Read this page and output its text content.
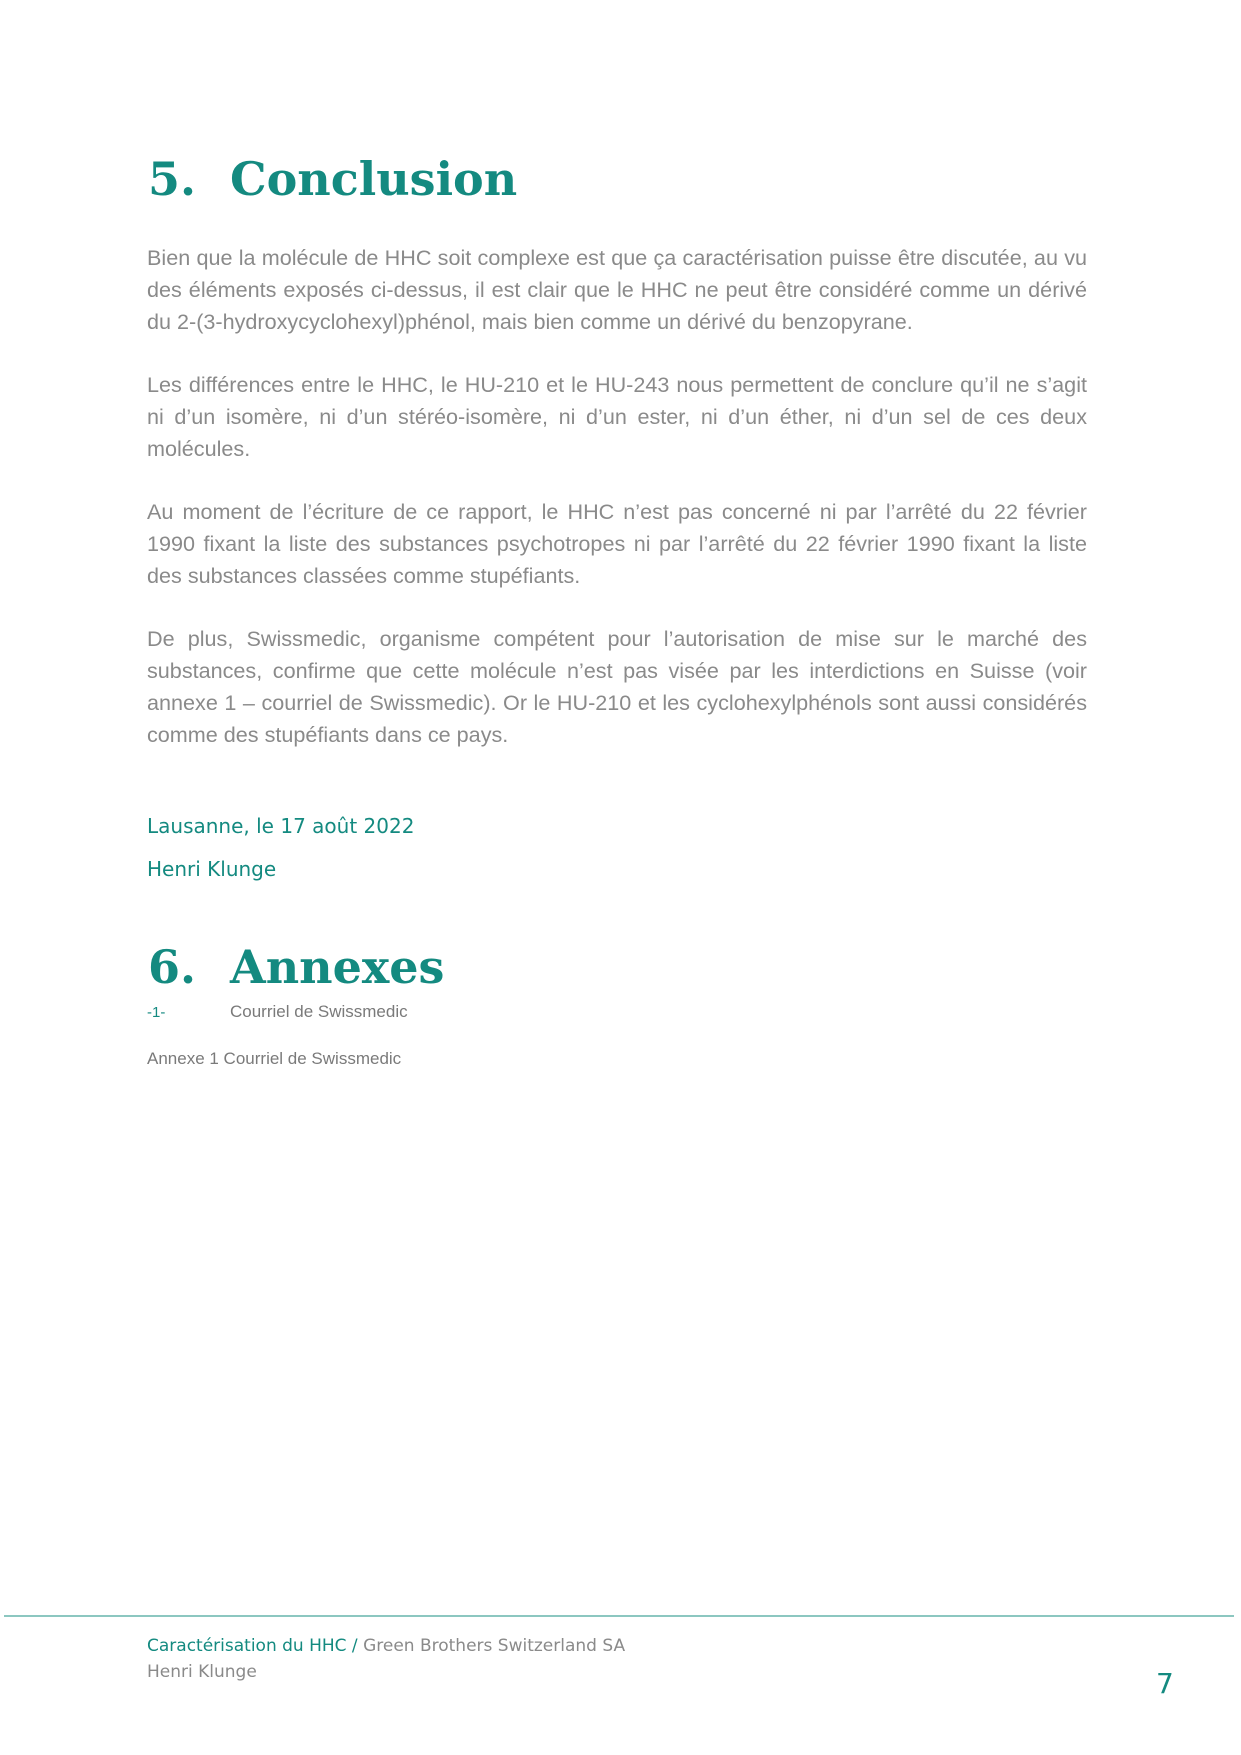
5. Conclusion

Bien que la molécule de HHC soit complexe est que ça caractérisation puisse être discutée, au vu des éléments exposés ci-dessus, il est clair que le HHC ne peut être considéré comme un dérivé du 2-(3-hydroxycyclohexyl)phénol, mais bien comme un dérivé du benzopyrane.

Les différences entre le HHC, le HU-210 et le HU-243 nous permettent de conclure qu’il ne s’agit ni d’un isomère, ni d’un stéréo-isomère, ni d’un ester, ni d’un éther, ni d’un sel de ces deux molécules.

Au moment de l’écriture de ce rapport, le HHC n’est pas concerné ni par l’arrêté du 22 février 1990 fixant la liste des substances psychotropes ni par l’arrêté du 22 février 1990 fixant la liste des substances classées comme stupéfiants.

De plus, Swissmedic, organisme compétent pour l’autorisation de mise sur le marché des substances, confirme que cette molécule n’est pas visée par les interdictions en Suisse (voir annexe 1 – courriel de Swissmedic). Or le HU-210 et les cyclohexylphénols sont aussi considérés comme des stupéfiants dans ce pays.

Lausanne, le 17 août 2022
Henri Klunge
6. Annexes
-1-	Courriel de Swissmedic
Annexe 1 Courriel de Swissmedic
Caractérisation du HHC / Green Brothers Switzerland SA
Henri Klunge	7
